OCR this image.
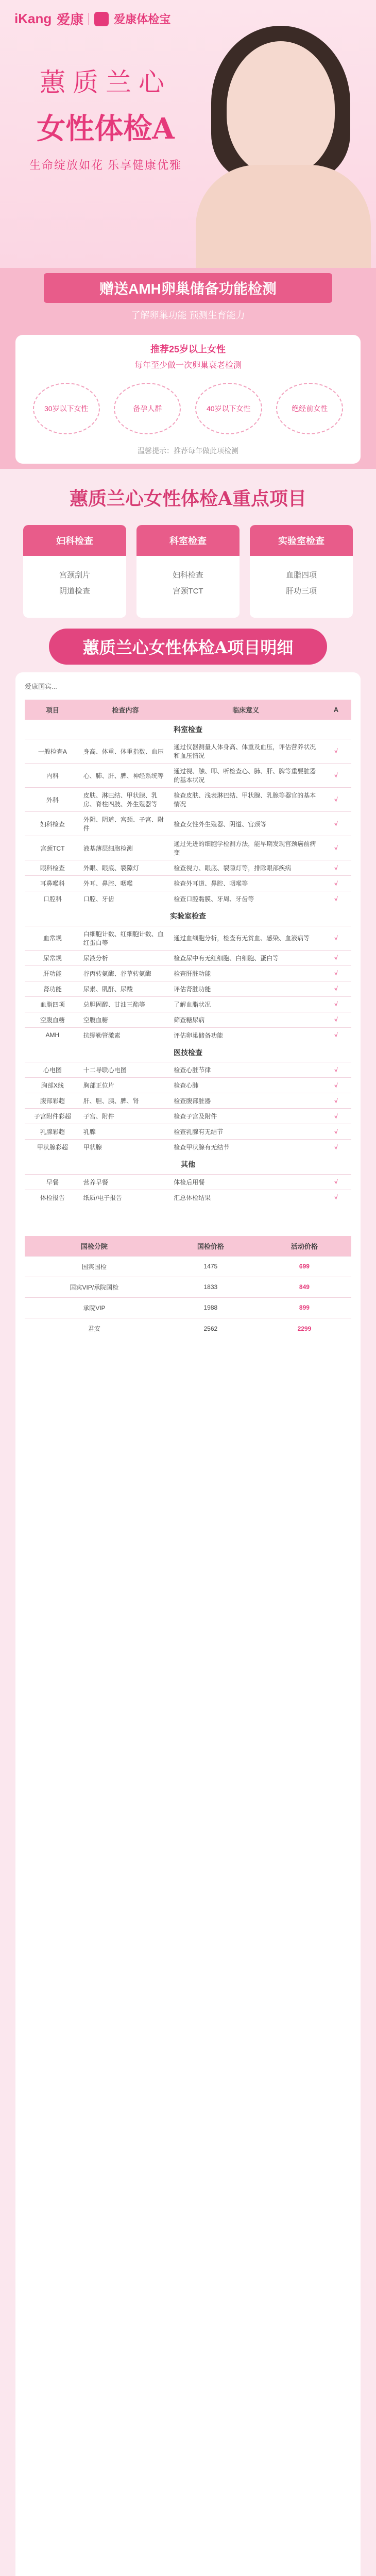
iKang 爱康	爱康体检宝
蕙质兰心
女性体检A
生命绽放如花 乐享健康优雅
赠送AMH卵巢储备功能检测
了解卵巢功能 预测生育能力
推荐25岁以上女性
每年至少做一次卵巢衰老检测
30岁以下女性	备孕人群	40岁以下女性	绝经前女性
温馨提示：推荐每年做此项检测
蕙质兰心女性体检A重点项目
妇科检查
宫颈刮片
阴道检查
科室检查
妇科检查
宫颈TCT
实验室检查
血脂四项
肝功三项
蕙质兰心女性体检A项目明细
爱康国宾...
项目	检查内容	临床意义	A
科室检查			
一般检查A	身高、体重、体重指数、血压	通过仪器测量人体身高、体重及血压，评估营养状况和血压情况	√
内科	心、肺、肝、脾、神经系统等	通过视、触、叩、听检查心、肺、肝、脾等重要脏器的基本状况	√
外科	皮肤、淋巴结、甲状腺、乳房、脊柱四肢、外生殖器等	检查皮肤、浅表淋巴结、甲状腺、乳腺等器官的基本情况	√
妇科检查	外阴、阴道、宫颈、子宫、附件	检查女性外生殖器、阴道、宫颈等	√
宫颈TCT	液基薄层细胞检测	通过先进的细胞学检测方法，能早期发现宫颈癌前病变	√
眼科检查	外眼、眼底、裂隙灯	检查视力、眼底、裂隙灯等，排除眼部疾病	√
耳鼻喉科	外耳、鼻腔、咽喉	检查外耳道、鼻腔、咽喉等	√
口腔科	口腔、牙齿	检查口腔黏膜、牙周、牙齿等	√
实验室检查			
血常规	白细胞计数、红细胞计数、血红蛋白等	通过血细胞分析，检查有无贫血、感染、血液病等	√
尿常规	尿液分析	检查尿中有无红细胞、白细胞、蛋白等	√
肝功能	谷丙转氨酶、谷草转氨酶	检查肝脏功能	√
肾功能	尿素、肌酐、尿酸	评估肾脏功能	√
血脂四项	总胆固醇、甘油三酯等	了解血脂状况	√
空腹血糖	空腹血糖	筛查糖尿病	√
AMH	抗缪勒管激素	评估卵巢储备功能	√
医技检查			
心电图	十二导联心电图	检查心脏节律	√
胸部X线	胸部正位片	检查心肺	√
腹部彩超	肝、胆、胰、脾、肾	检查腹部脏器	√
子宫附件彩超	子宫、附件	检查子宫及附件	√
乳腺彩超	乳腺	检查乳腺有无结节	√
甲状腺彩超	甲状腺	检查甲状腺有无结节	√
其他			
早餐	营养早餐	体检后用餐	√
体检报告	纸质/电子报告	汇总体检结果	√
国检分院	国检价格	活动价格
国宾国检	1475	699
国宾VIP/承院国检	1833	849
承院VIP	1988	899
君安	2562	2299
